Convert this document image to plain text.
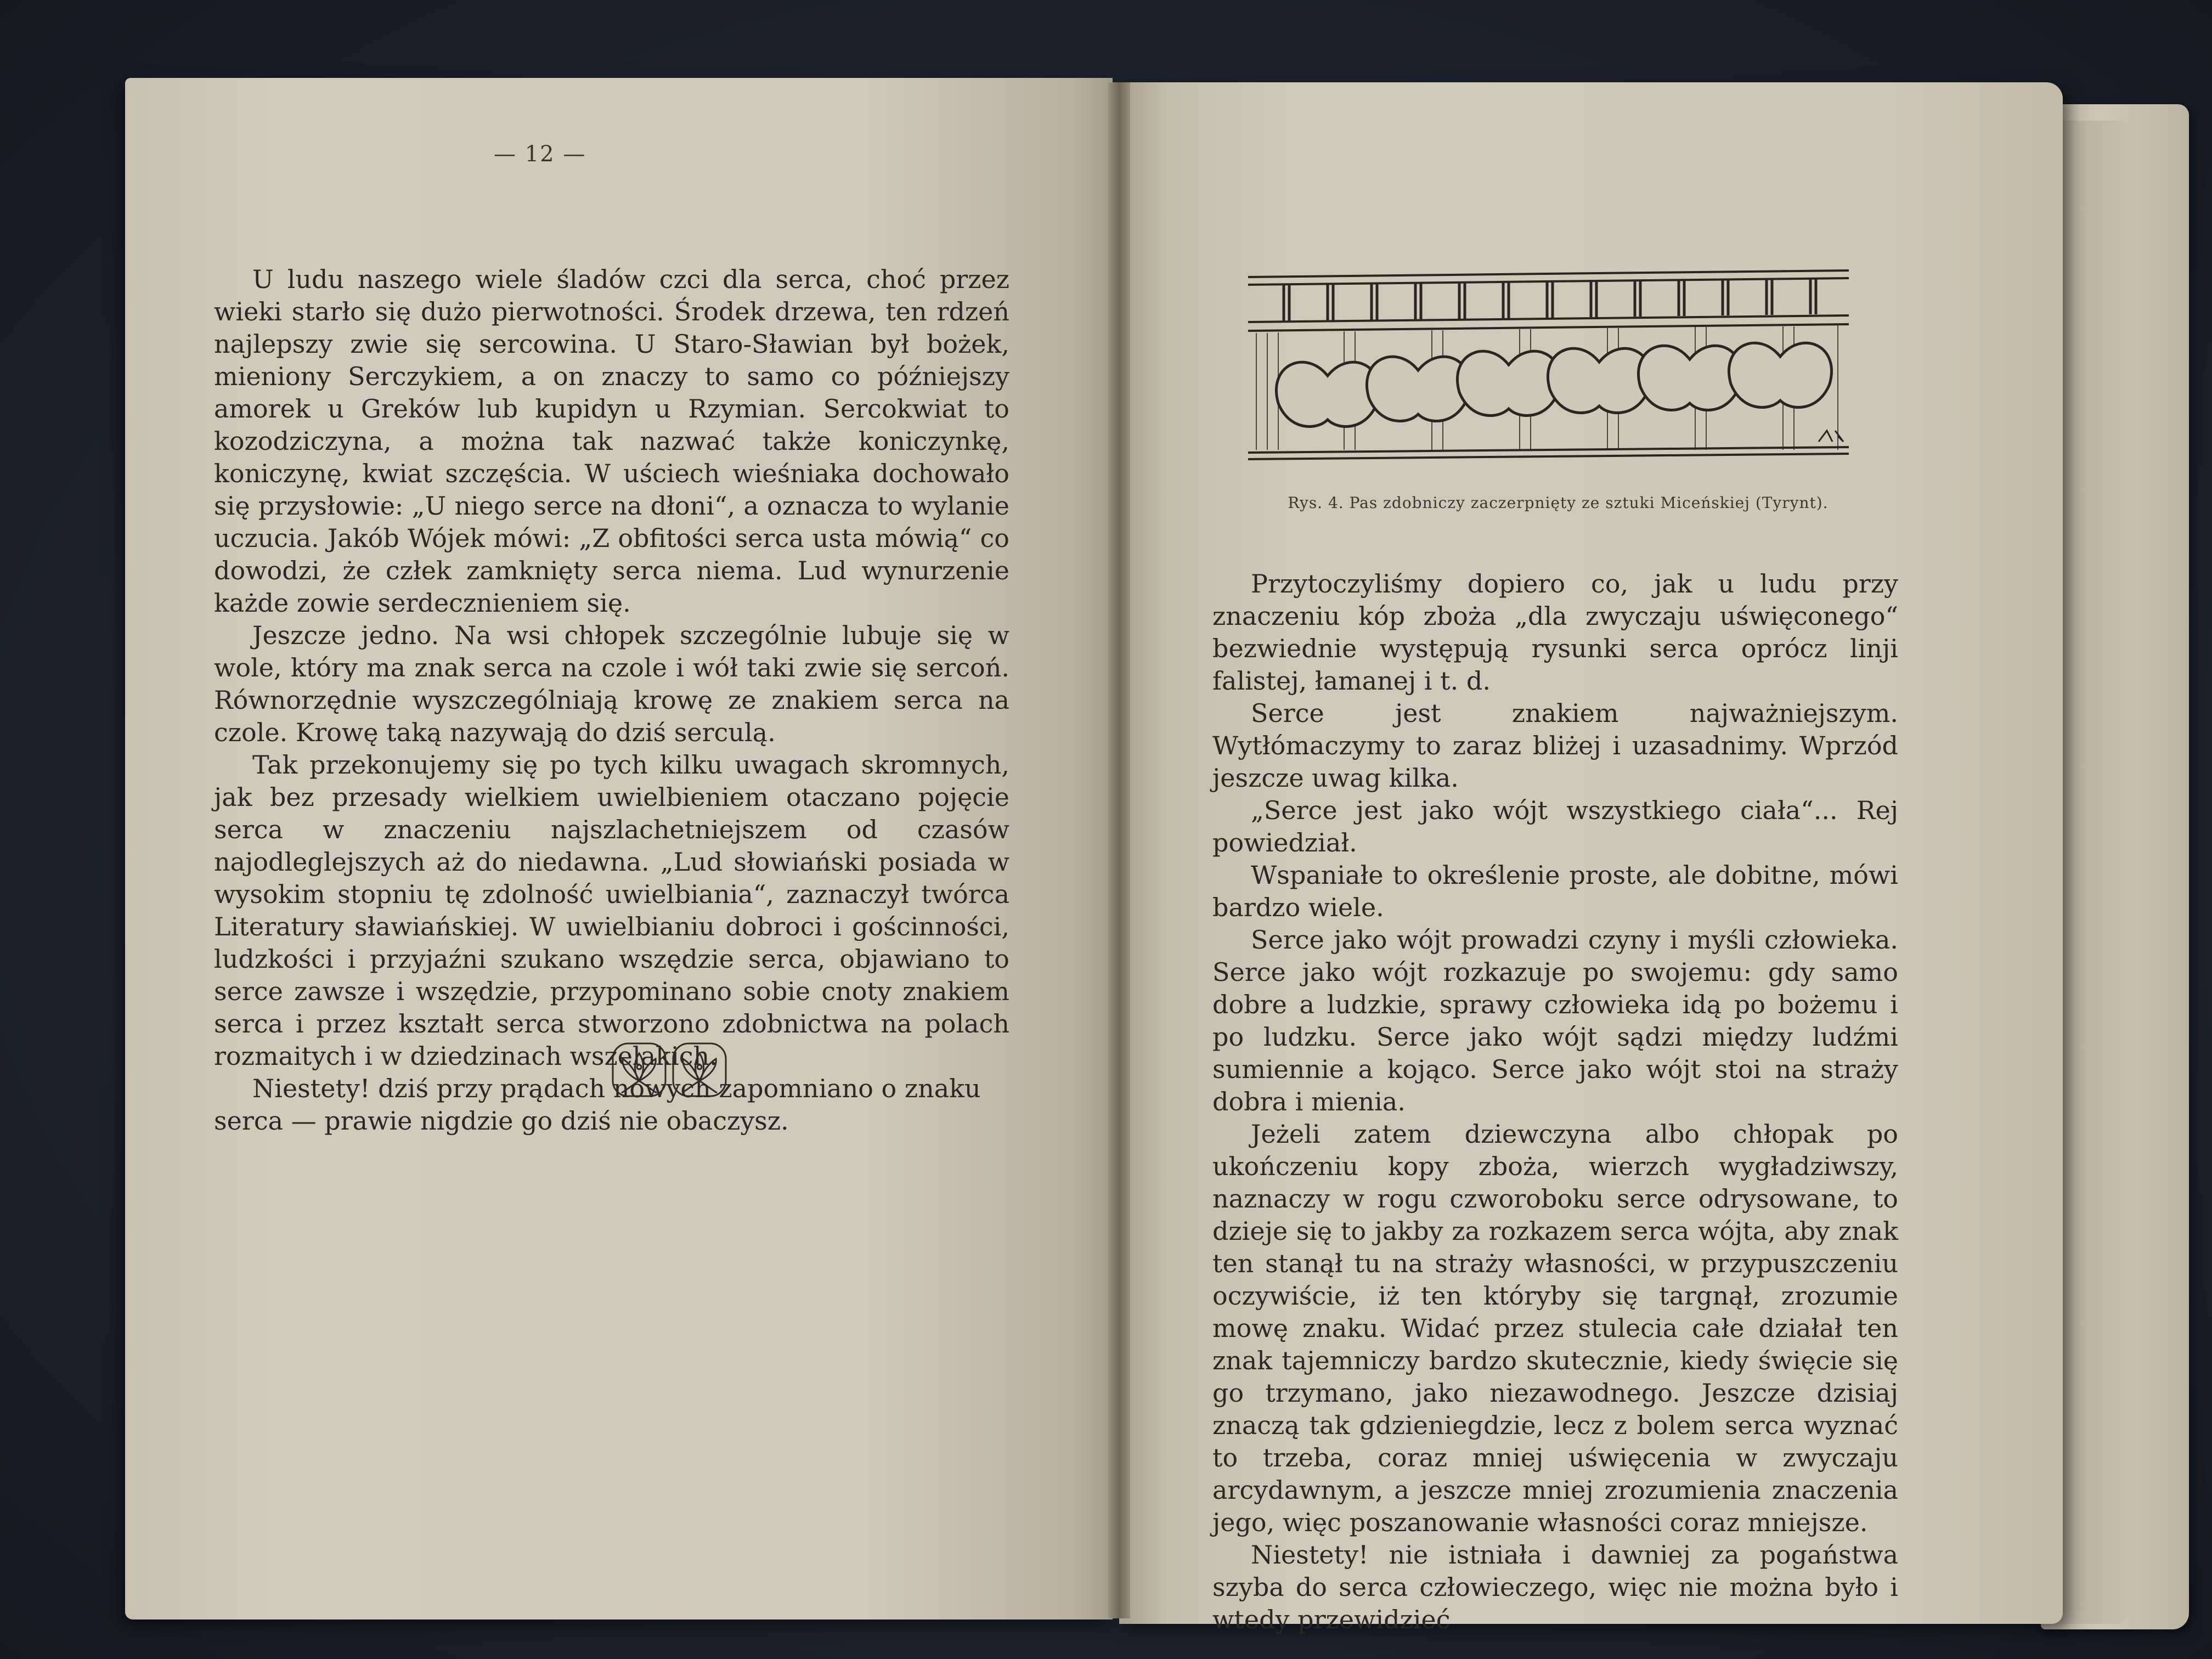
— 12 —

U ludu naszego wiele śladów czci dla serca, choć przez wieki starło się dużo pierwotności. Środek drzewa, ten rdzeń najlepszy zwie się sercowina. U Staro-Sławian był bożek, mieniony Serczykiem, a on znaczy to samo co późniejszy amorek u Greków lub kupidyn u Rzymian. Sercokwiat to kozodziczyna, a można tak nazwać także koniczynkę, koniczynę, kwiat szczęścia. W uściech wieśniaka dochowało się przysłowie: „U niego serce na dłoni“, a oznacza to wylanie uczucia. Jakób Wójek mówi: „Z obfitości serca usta mówią“ co dowodzi, że człek zamknięty serca niema. Lud wynurzenie każde zowie serdecznieniem się.

Jeszcze jedno. Na wsi chłopek szczególnie lubuje się w wole, który ma znak serca na czole i wół taki zwie się sercoń. Równorzędnie wyszczególniają krowę ze znakiem serca na czole. Krowę taką nazywają do dziś serculą.

Tak przekonujemy się po tych kilku uwagach skromnych, jak bez przesady wielkiem uwielbieniem otaczano pojęcie serca w znaczeniu najszlachetniejszem od czasów najodleglejszych aż do niedawna. „Lud słowiański posiada w wysokim stopniu tę zdolność uwielbiania“, zaznaczył twórca Literatury sławiańskiej. W uwielbianiu dobroci i gościnności, ludzkości i przyjaźni szukano wszędzie serca, objawiano to serce zawsze i wszędzie, przypominano sobie cnoty znakiem serca i przez kształt serca stworzono zdobnictwa na polach rozmaitych i w dziedzinach wszelakich.

Niestety! dziś przy prądach nowych zapomniano o znaku serca — prawie nigdzie go dziś nie obaczysz.

Rys. 4. Pas zdobniczy zaczerpnięty ze sztuki Miceńskiej (Tyrynt).

Przytoczyliśmy dopiero co, jak u ludu przy znaczeniu kóp zboża „dla zwyczaju uświęconego“ bezwiednie występują rysunki serca oprócz linji falistej, łamanej i t. d.

Serce jest znakiem najważniejszym. Wytłómaczymy to zaraz bliżej i uzasadnimy. Wprzód jeszcze uwag kilka.

„Serce jest jako wójt wszystkiego ciała“... Rej powiedział.

Wspaniałe to określenie proste, ale dobitne, mówi bardzo wiele.

Serce jako wójt prowadzi czyny i myśli człowieka. Serce jako wójt rozkazuje po swojemu: gdy samo dobre a ludzkie, sprawy człowieka idą po bożemu i po ludzku. Serce jako wójt sądzi między ludźmi sumiennie a kojąco. Serce jako wójt stoi na straży dobra i mienia.

Jeżeli zatem dziewczyna albo chłopak po ukończeniu kopy zboża, wierzch wygładziwszy, naznaczy w rogu czworoboku serce odrysowane, to dzieje się to jakby za rozkazem serca wójta, aby znak ten stanął tu na straży własności, w przypuszczeniu oczywiście, iż ten któryby się targnął, zrozumie mowę znaku. Widać przez stulecia całe działał ten znak tajemniczy bardzo skutecznie, kiedy święcie się go trzymano, jako niezawodnego. Jeszcze dzisiaj znaczą tak gdzieniegdzie, lecz z bolem serca wyznać to trzeba, coraz mniej uświęcenia w zwyczaju arcydawnym, a jeszcze mniej zrozumienia znaczenia jego, więc poszanowanie własności coraz mniejsze.

Niestety! nie istniała i dawniej za pogaństwa szyba do serca człowieczego, więc nie można było i wtedy przewidzieć
